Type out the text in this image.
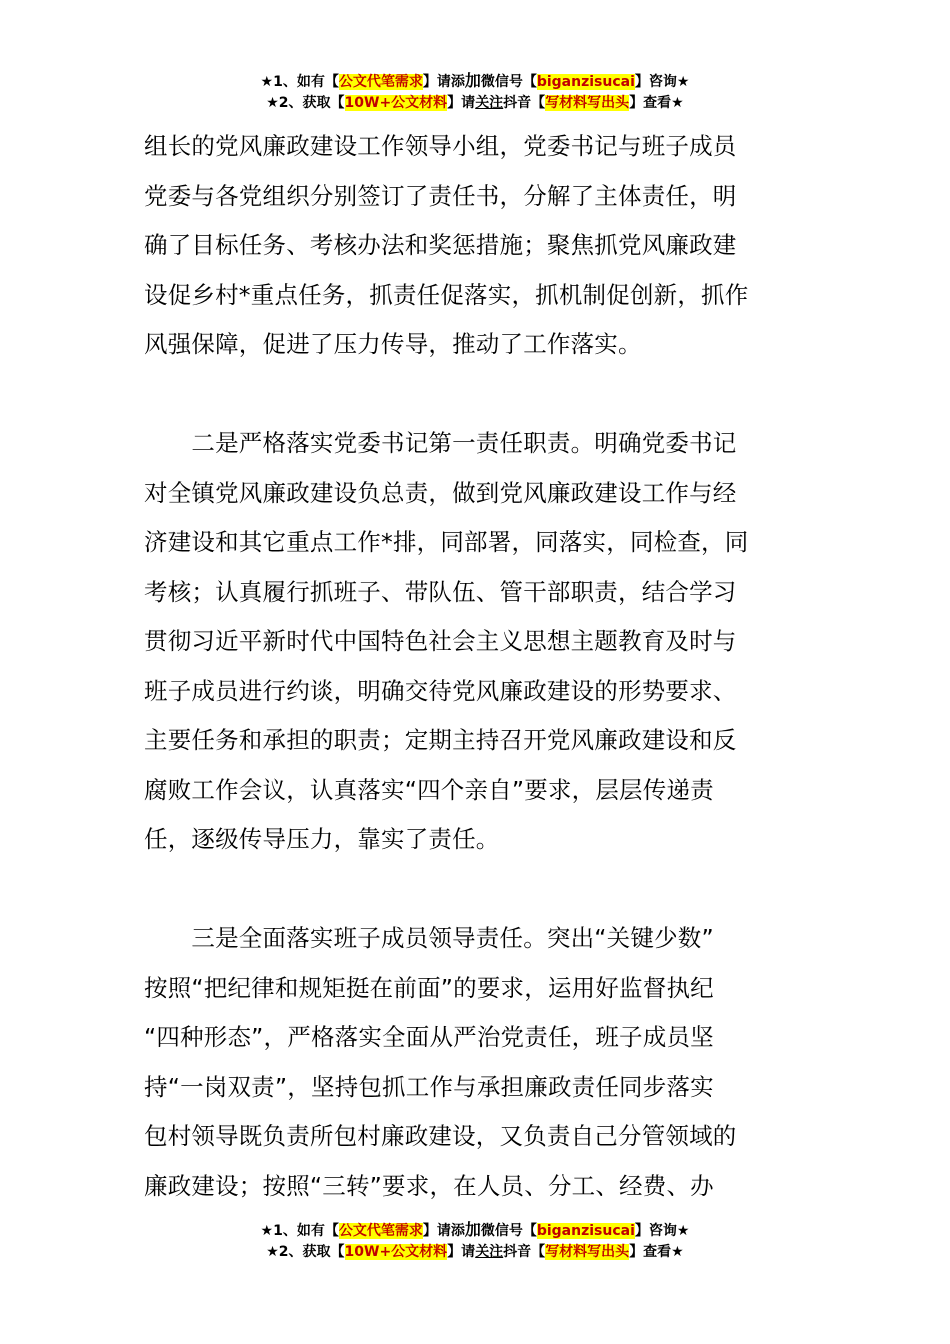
★1、如有【公文代笔需求】请添加微信号【biganzisucai】咨询★
★2、获取【10W+公文材料】请关注抖音【写材料写出头】查看★
组长的党风廉政建设工作领导小组，党委书记与班子成员
党委与各党组织分别签订了责任书，分解了主体责任，明
确了目标任务、考核办法和奖惩措施；聚焦抓党风廉政建
设促乡村*重点任务，抓责任促落实，抓机制促创新，抓作
风强保障，促进了压力传导，推动了工作落实。
　　二是严格落实党委书记第一责任职责。明确党委书记
对全镇党风廉政建设负总责，做到党风廉政建设工作与经
济建设和其它重点工作*排，同部署，同落实，同检查，同
考核；认真履行抓班子、带队伍、管干部职责，结合学习
贯彻习近平新时代中国特色社会主义思想主题教育及时与
班子成员进行约谈，明确交待党风廉政建设的形势要求、
主要任务和承担的职责；定期主持召开党风廉政建设和反
腐败工作会议，认真落实“四个亲自”要求，层层传递责
任，逐级传导压力，靠实了责任。
　　三是全面落实班子成员领导责任。突出“关键少数”
按照“把纪律和规矩挺在前面”的要求，运用好监督执纪
“四种形态”，严格落实全面从严治党责任，班子成员坚
持“一岗双责”，坚持包抓工作与承担廉政责任同步落实
包村领导既负责所包村廉政建设，又负责自己分管领域的
廉政建设；按照“三转”要求，在人员、分工、经费、办
★1、如有【公文代笔需求】请添加微信号【biganzisucai】咨询★
★2、获取【10W+公文材料】请关注抖音【写材料写出头】查看★
